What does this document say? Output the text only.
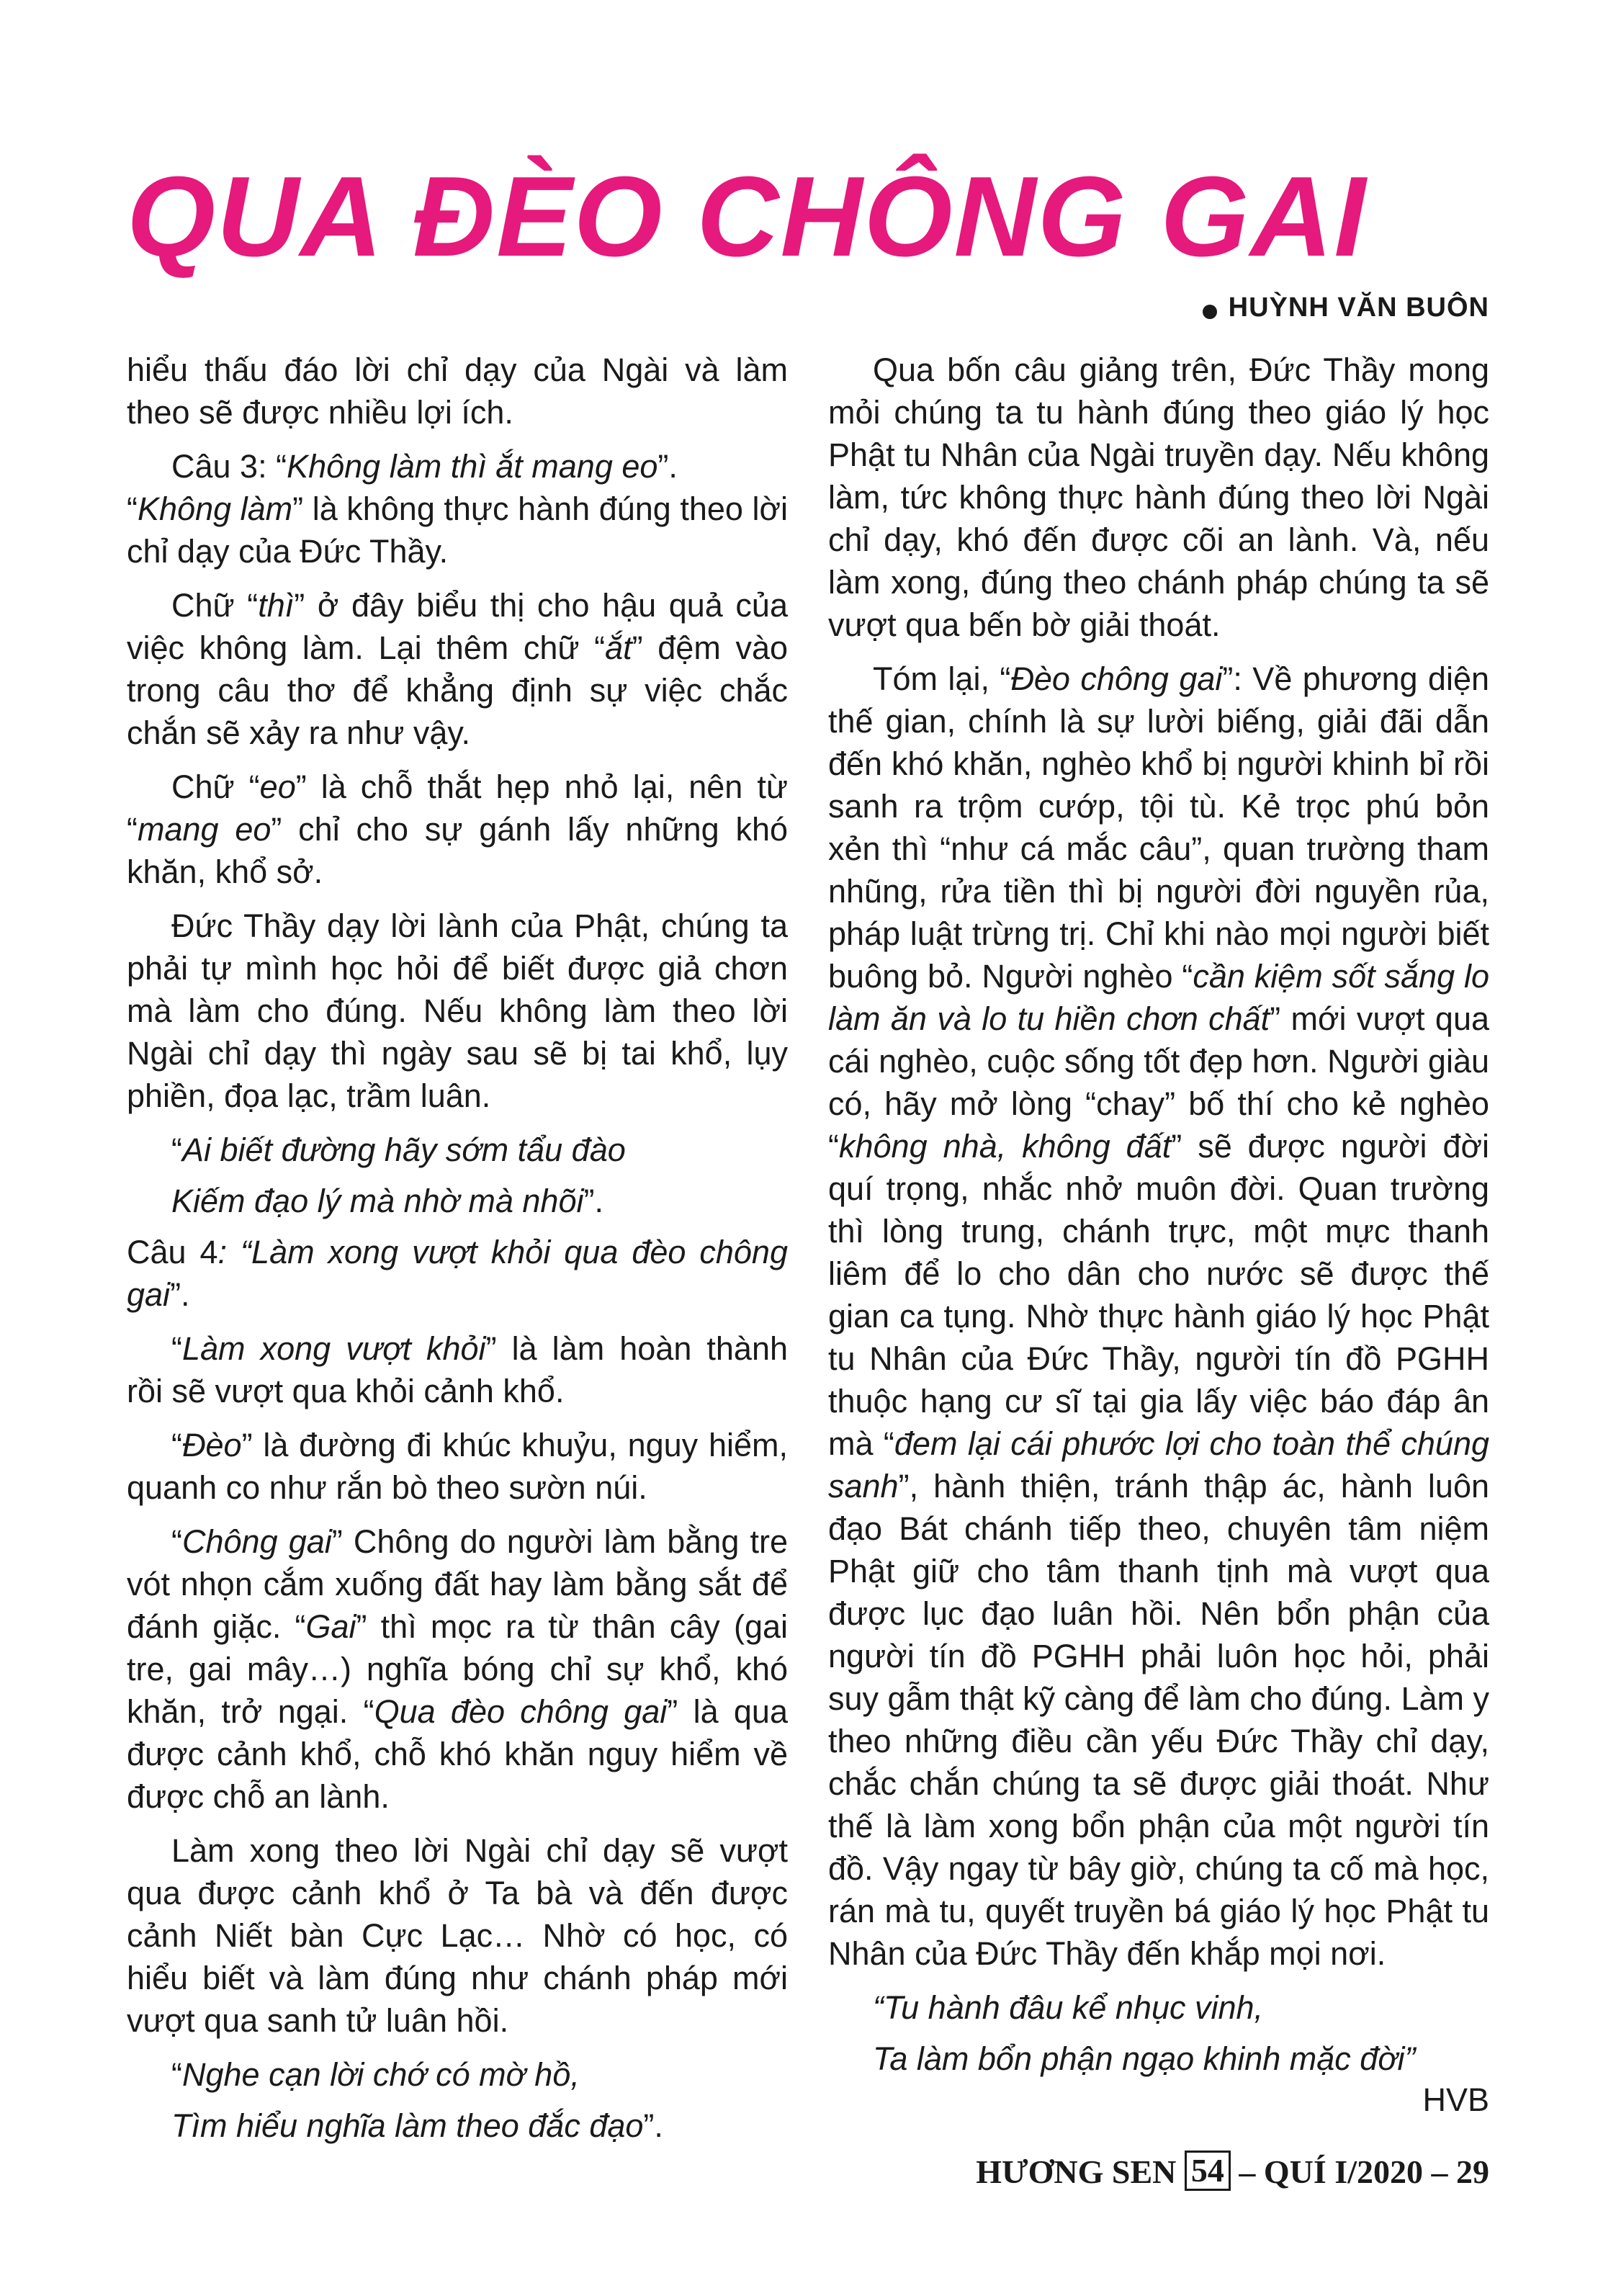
QUA ĐÈO CHÔNG GAI
HUỲNH VĂN BUÔN

hiểu thấu đáo lời chỉ dạy của Ngài và làm theo sẽ được nhiều lợi ích.

Câu 3: “Không làm thì ắt mang eo”.

“Không làm” là không thực hành đúng theo lời chỉ dạy của Đức Thầy.

Chữ “thì” ở đây biểu thị cho hậu quả của việc không làm. Lại thêm chữ “ắt” đệm vào trong câu thơ để khẳng định sự việc chắc chắn sẽ xảy ra như vậy.

Chữ “eo” là chỗ thắt hẹp nhỏ lại, nên từ “mang eo” chỉ cho sự gánh lấy những khó khăn, khổ sở.

Đức Thầy dạy lời lành của Phật, chúng ta phải tự mình học hỏi để biết được giả chơn mà làm cho đúng. Nếu không làm theo lời Ngài chỉ dạy thì ngày sau sẽ bị tai khổ, lụy phiền, đọa lạc, trầm luân.

“Ai biết đường hãy sớm tẩu đào

Kiếm đạo lý mà nhờ mà nhõi”.

Câu 4: “Làm xong vượt khỏi qua đèo chông gai”.

“Làm xong vượt khỏi” là làm hoàn thành rồi sẽ vượt qua khỏi cảnh khổ.

“Đèo” là đường đi khúc khuỷu, nguy hiểm, quanh co như rắn bò theo sườn núi.

“Chông gai” Chông do người làm bằng tre vót nhọn cắm xuống đất hay làm bằng sắt để đánh giặc. “Gai” thì mọc ra từ thân cây (gai tre, gai mây…) nghĩa bóng chỉ sự khổ, khó khăn, trở ngại. “Qua đèo chông gai” là qua được cảnh khổ, chỗ khó khăn nguy hiểm về được chỗ an lành.

Làm xong theo lời Ngài chỉ dạy sẽ vượt qua được cảnh khổ ở Ta bà và đến được cảnh Niết bàn Cực Lạc… Nhờ có học, có hiểu biết và làm đúng như chánh pháp mới vượt qua sanh tử luân hồi.

“Nghe cạn lời chớ có mờ hồ,

Tìm hiểu nghĩa làm theo đắc đạo”.

Qua bốn câu giảng trên, Đức Thầy mong mỏi chúng ta tu hành đúng theo giáo lý học Phật tu Nhân của Ngài truyền dạy. Nếu không làm, tức không thực hành đúng theo lời Ngài chỉ dạy, khó đến được cõi an lành. Và, nếu làm xong, đúng theo chánh pháp chúng ta sẽ vượt qua bến bờ giải thoát.

Tóm lại, “Đèo chông gai”: Về phương diện thế gian, chính là sự lười biếng, giải đãi dẫn đến khó khăn, nghèo khổ bị người khinh bỉ rồi sanh ra trộm cướp, tội tù. Kẻ trọc phú bỏn xẻn thì “như cá mắc câu”, quan trường tham nhũng, rửa tiền thì bị người đời nguyền rủa, pháp luật trừng trị. Chỉ khi nào mọi người biết buông bỏ. Người nghèo “cần kiệm sốt sắng lo làm ăn và lo tu hiền chơn chất” mới vượt qua cái nghèo, cuộc sống tốt đẹp hơn. Người giàu có, hãy mở lòng “chay” bố thí cho kẻ nghèo “không nhà, không đất” sẽ được người đời quí trọng, nhắc nhở muôn đời. Quan trường thì lòng trung, chánh trực, một mực thanh liêm để lo cho dân cho nước sẽ được thế gian ca tụng. Nhờ thực hành giáo lý học Phật tu Nhân của Đức Thầy, người tín đồ PGHH thuộc hạng cư sĩ tại gia lấy việc báo đáp ân mà “đem lại cái phước lợi cho toàn thể chúng sanh”, hành thiện, tránh thập ác, hành luôn đạo Bát chánh tiếp theo, chuyên tâm niệm Phật giữ cho tâm thanh tịnh mà vượt qua được lục đạo luân hồi. Nên bổn phận của người tín đồ PGHH phải luôn học hỏi, phải suy gẫm thật kỹ càng để làm cho đúng. Làm y theo những điều cần yếu Đức Thầy chỉ dạy, chắc chắn chúng ta sẽ được giải thoát. Như thế là làm xong bổn phận của một người tín đồ. Vậy ngay từ bây giờ, chúng ta cố mà học, rán mà tu, quyết truyền bá giáo lý học Phật tu Nhân của Đức Thầy đến khắp mọi nơi.

“Tu hành đâu kể nhục vinh,

Ta làm bổn phận ngạo khinh mặc đời”

HVB

HƯƠNG SEN 54 – QUÍ I/2020 – 29
